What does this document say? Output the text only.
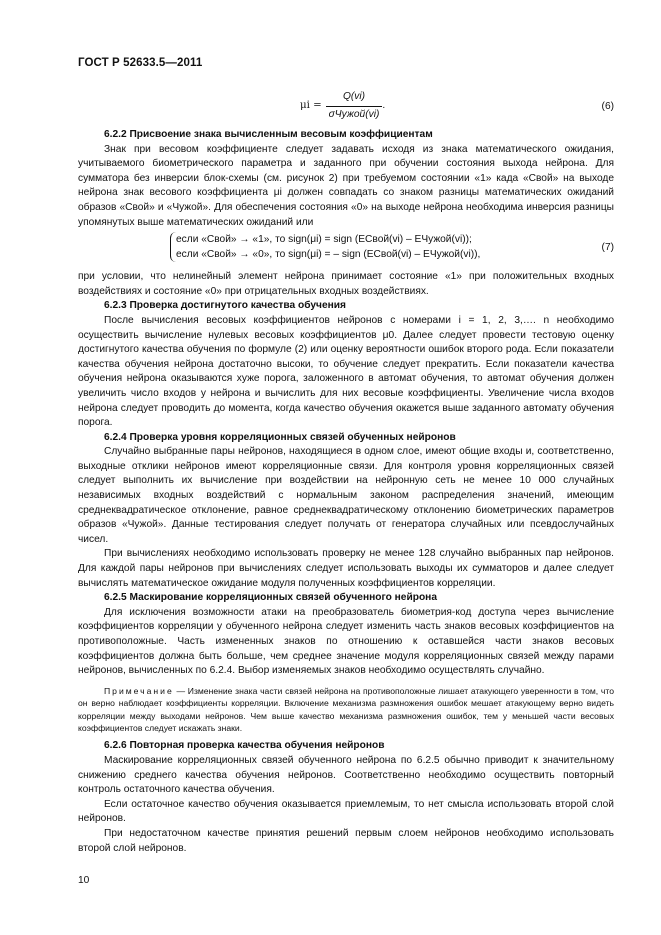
ГОСТ Р 52633.5—2011
$\mu i = \frac{Q(vi)}{\text{σЧужой(vi)}}$ .	(6)
6.2.2 Присвоение знака вычисленным весовым коэффициентам

Знак при весовом коэффициенте следует задавать исходя из знака математического ожидания, учитываемого биометрического параметра и заданного при обучении состояния выхода нейрона. Для сумматора без инверсии блок-схемы (см. рисунок 2) при требуемом состоянии «1» када «Свой» на выходе нейрона знак весового коэффициента μi должен совпадать со знаком разницы математических ожиданий образов «Свой» и «Чужой». Для обеспечения состояния «0» на выходе нейрона необходима инверсия разницы упомянутых выше математических ожиданий или

если «Свой» → «1», то sign(μi) = sign (EСвой(vi) – EЧужой(vi));
если «Свой» → «0», то sign(μi) = – sign (EСвой(vi) – EЧужой(vi)),
(7)

при условии, что нелинейный элемент нейрона принимает состояние «1» при положительных входных воздействиях и состояние «0» при отрицательных входных воздействиях.

6.2.3 Проверка достигнутого качества обучения

После вычисления весовых коэффициентов нейронов с номерами i = 1, 2, 3,…. n необходимо осуществить вычисление нулевых весовых коэффициентов μ0. Далее следует провести тестовую оценку достигнутого качества обучения по формуле (2) или оценку вероятности ошибок второго рода. Если показатели качества обучения нейрона достаточно высоки, то обучение следует прекратить. Если показатели качества обучения нейрона оказываются хуже порога, заложенного в автомат обучения, то автомат обучения должен увеличить число входов у нейрона и вычислить для них весовые коэффициенты. Увеличение числа входов нейрона следует проводить до момента, когда качество обучения окажется выше заданного автомату обучения порога.

6.2.4 Проверка уровня корреляционных связей обученных нейронов

Случайно выбранные пары нейронов, находящиеся в одном слое, имеют общие входы и, соответственно, выходные отклики нейронов имеют корреляционные связи. Для контроля уровня корреляционных связей следует выполнить их вычисление при воздействии на нейронную сеть не менее 10 000 случайных независимых входных воздействий с нормальным законом распределения значений, имеющим среднеквадратическое отклонение, равное среднеквадратическому отклонению биометрических параметров образов «Чужой». Данные тестирования следует получать от генератора случайных или псевдослучайных чисел.

При вычислениях необходимо использовать проверку не менее 128 случайно выбранных пар нейронов. Для каждой пары нейронов при вычислениях следует использовать выходы их сумматоров и далее следует вычислять математическое ожидание модуля полученных коэффициентов корреляции.

6.2.5 Маскирование корреляционных связей обученного нейрона

Для исключения возможности атаки на преобразователь биометрия-код доступа через вычисление коэффициентов корреляции у обученного нейрона следует изменить часть знаков весовых коэффициентов на противоположные. Часть измененных знаков по отношению к оставшейся части знаков весовых коэффициентов должна быть больше, чем среднее значение модуля корреляционных связей между парами нейронов, вычисленных по 6.2.4. Выбор изменяемых знаков необходимо осуществлять случайно.

Примечание — Изменение знака части связей нейрона на противоположные лишает атакующего уверенности в том, что он верно наблюдает коэффициенты корреляции. Включение механизма размножения ошибок мешает атакующему верно видеть корреляции между выходами нейронов. Чем выше качество механизма размножения ошибок, тем у меньшей части весовых коэффициентов следует искажать знаки.
6.2.6 Повторная проверка качества обучения нейронов

Маскирование корреляционных связей обученного нейрона по 6.2.5 обычно приводит к значительному снижению среднего качества обучения нейронов. Соответственно необходимо осуществить повторный контроль остаточного качества обучения.

Если остаточное качество обучения оказывается приемлемым, то нет смысла использовать второй слой нейронов.

При недостаточном качестве принятия решений первым слоем нейронов необходимо использовать второй слой нейронов.

10
